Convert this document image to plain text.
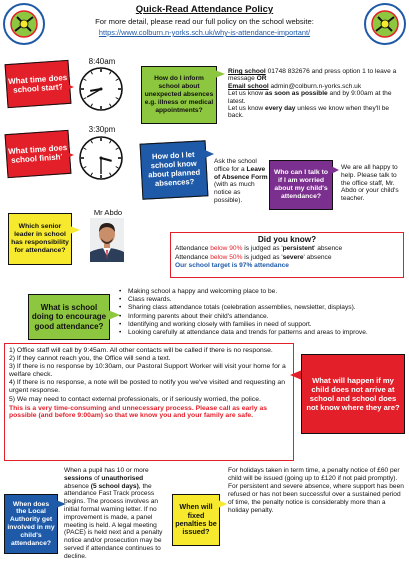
Quick-Read Attendance Policy
For more detail, please read our full policy on the school website:
https://www.colburn.n-yorks.sch.uk/why-is-attendance-important/
What time does school start?
8:40am
How do I inform school about unexpected absences e.g. illness or medical appointments?
Ring school 01748 832676 and press option 1 to leave a message OR
Email school admin@colburn.n-yorks.sch.uk
Let us know as soon as possible and by 9:00am at the latest.
Let us know every day unless we know when they'll be back.
What time does school finish?
3:30pm
How do I let school know about planned absences?
Ask the school office for a Leave of Absence Form (with as much notice as possible).
Who can I talk to if I am worried about my child's attendance?
We are all happy to help. Please talk to the office staff, Mr. Abdo or your child's teacher.
Which senior leader in school has responsibility for attendance?
Mr Abdo
Did you know?
Attendance below 90% is judged as 'persistent' absence
Attendance below 50% is judged as 'severe' absence
Our school target is 97% attendance
What is school doing to encourage good attendance?
• Making school a happy and welcoming place to be.
• Class rewards.
• Sharing class attendance totals (celebration assemblies, newsletter, displays).
• Informing parents about their child's attendance.
• Identifying and working closely with families in need of support.
• Looking carefully at attendance data and trends for patterns and areas to improve.
1) Office staff will call by 9:45am. All other contacts will be called if there is no response.
2) If they cannot reach you, the Office will send a text.
3) If there is no response by 10:30am, our Pastoral Support Worker will visit your home for a welfare check.
4) If there is no response, a note will be posted to notify you we've visited and requesting an urgent response.
5) We may need to contact external professionals, or if seriously worried, the police.
This is a very time-consuming and unnecessary process. Please call as early as possible (and before 9:00am) so that we know you and your family are safe.
What will happen if my child does not arrive at school and school does not know where they are?
When does the Local Authority get involved in my child's attendance?
When a pupil has 10 or more sessions of unauthorised absence (5 school days), the attendance Fast Track process begins. The process involves an initial formal warning letter. If no improvement is made, a panel meeting is held. A legal meeting (PACE) is held next and a penalty notice and/or prosecution may be served if attendance continues to decline.
When will fixed penalties be issued?
For holidays taken in term time, a penalty notice of £60 per child will be issued (going up to £120 if not paid promptly). For persistent and severe absence, where support has been refused or has not been successful over a sustained period of time, the penalty notice is considerably more than a holiday penalty.
